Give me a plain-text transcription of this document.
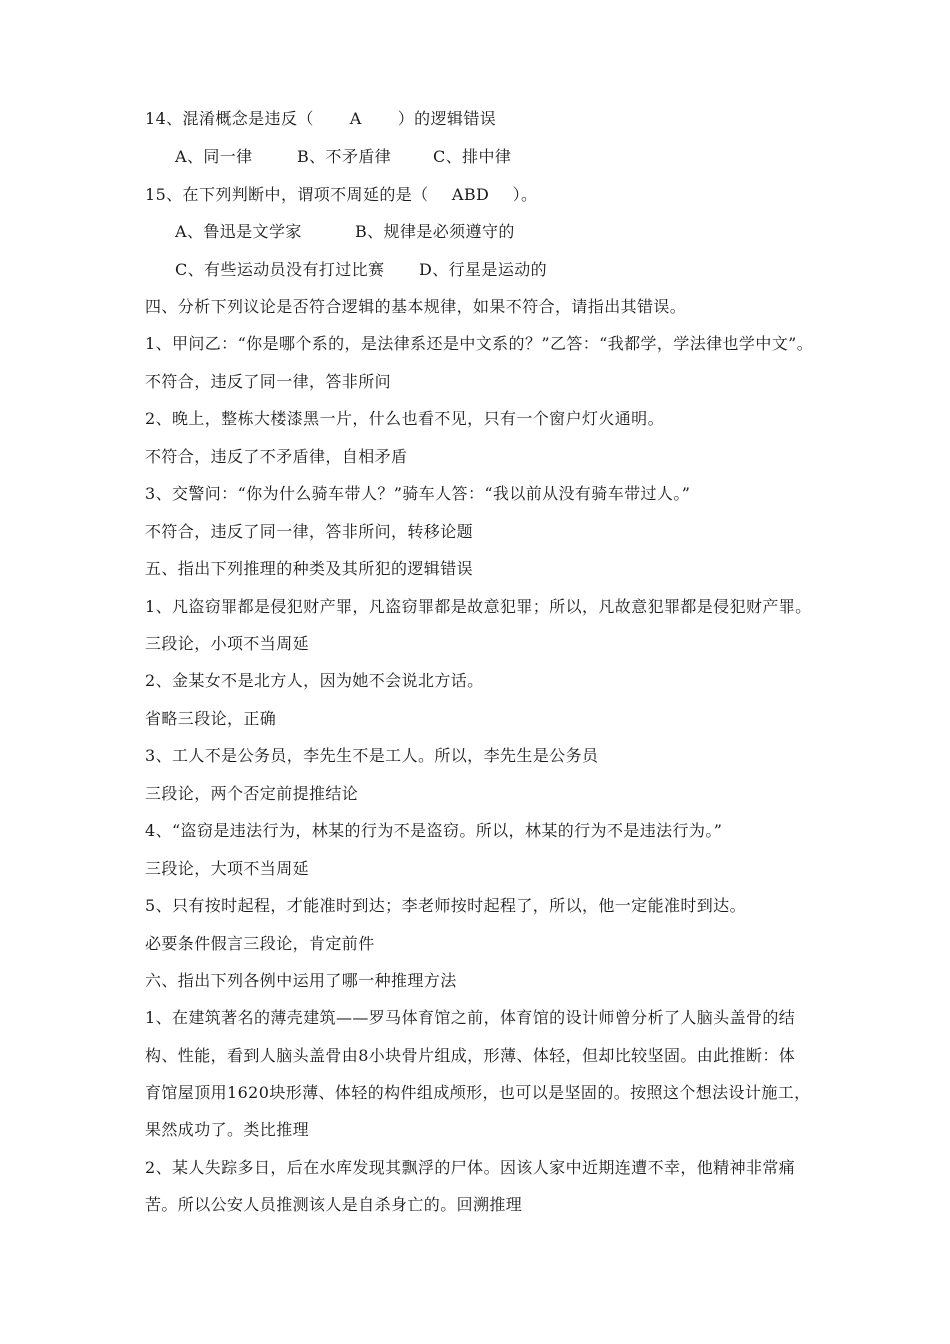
14、混淆概念是违反（ A ）的逻辑错误
A、同一律	B、不矛盾律	C、排中律
15、在下列判断中，谓项不周延的是（ ABD ）。
A、鲁迅是文学家	B、规律是必须遵守的
C、有些运动员没有打过比赛 D、行星是运动的
四、分析下列议论是否符合逻辑的基本规律，如果不符合，请指出其错误。
1、甲问乙：“你是哪个系的，是法律系还是中文系的？”乙答：“我都学，学法律也学中文”。
不符合，违反了同一律，答非所问
2、晚上，整栋大楼漆黑一片，什么也看不见，只有一个窗户灯火通明。
不符合，违反了不矛盾律，自相矛盾
3、交警问：“你为什么骑车带人？”骑车人答：“我以前从没有骑车带过人。”
不符合，违反了同一律，答非所问，转移论题
五、指出下列推理的种类及其所犯的逻辑错误
1、凡盗窃罪都是侵犯财产罪，凡盗窃罪都是故意犯罪；所以，凡故意犯罪都是侵犯财产罪。
三段论，小项不当周延
2、金某女不是北方人，因为她不会说北方话。
省略三段论，正确
3、工人不是公务员，李先生不是工人。所以，李先生是公务员
三段论，两个否定前提推结论
4、“盗窃是违法行为，林某的行为不是盗窃。所以，林某的行为不是违法行为。”
三段论，大项不当周延
5、只有按时起程，才能准时到达；李老师按时起程了，所以，他一定能准时到达。
必要条件假言三段论，肯定前件
六、指出下列各例中运用了哪一种推理方法
1、在建筑著名的薄壳建筑——罗马体育馆之前，体育馆的设计师曾分析了人脑头盖骨的结
构、性能，看到人脑头盖骨由8小块骨片组成，形薄、体轻，但却比较坚固。由此推断：体
育馆屋顶用1620块形薄、体轻的构件组成颅形，也可以是坚固的。按照这个想法设计施工，
果然成功了。类比推理
2、某人失踪多日，后在水库发现其飘浮的尸体。因该人家中近期连遭不幸，他精神非常痛
苦。所以公安人员推测该人是自杀身亡的。回溯推理
